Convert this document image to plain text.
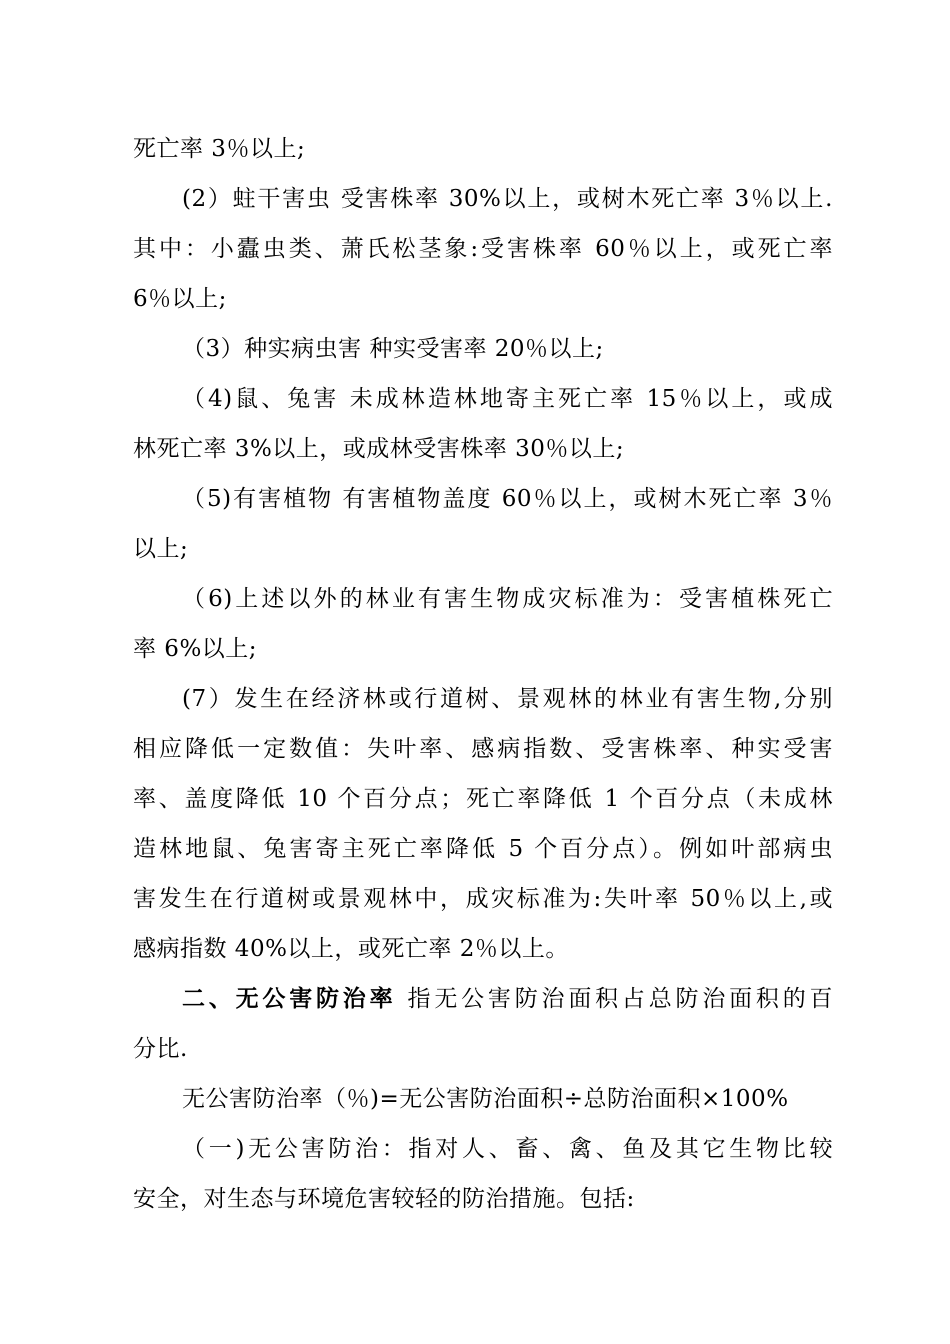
死亡率 3％以上;
(2）蛀干害虫 受害株率 30%以上，或树木死亡率 3％以上.
其中：小蠹虫类、萧氏松茎象:受害株率 60％以上，或死亡率
6％以上;
（3）种实病虫害 种实受害率 20％以上;
（4)鼠、兔害 未成林造林地寄主死亡率 15％以上，或成
林死亡率 3%以上，或成林受害株率 30％以上;
（5)有害植物 有害植物盖度 60％以上，或树木死亡率 3％
以上;
（6)上述以外的林业有害生物成灾标准为：受害植株死亡
率 6%以上;
(7）发生在经济林或行道树、景观林的林业有害生物,分别
相应降低一定数值：失叶率、感病指数、受害株率、种实受害
率、盖度降低 10 个百分点；死亡率降低 1 个百分点（未成林
造林地鼠、兔害寄主死亡率降低 5 个百分点）。例如叶部病虫
害发生在行道树或景观林中，成灾标准为:失叶率 50％以上,或
感病指数 40%以上，或死亡率 2％以上。
二、无公害防治率 指无公害防治面积占总防治面积的百
分比.
无公害防治率（％)=无公害防治面积÷总防治面积×100%
（一)无公害防治：指对人、畜、禽、鱼及其它生物比较
安全，对生态与环境危害较轻的防治措施。包括:
